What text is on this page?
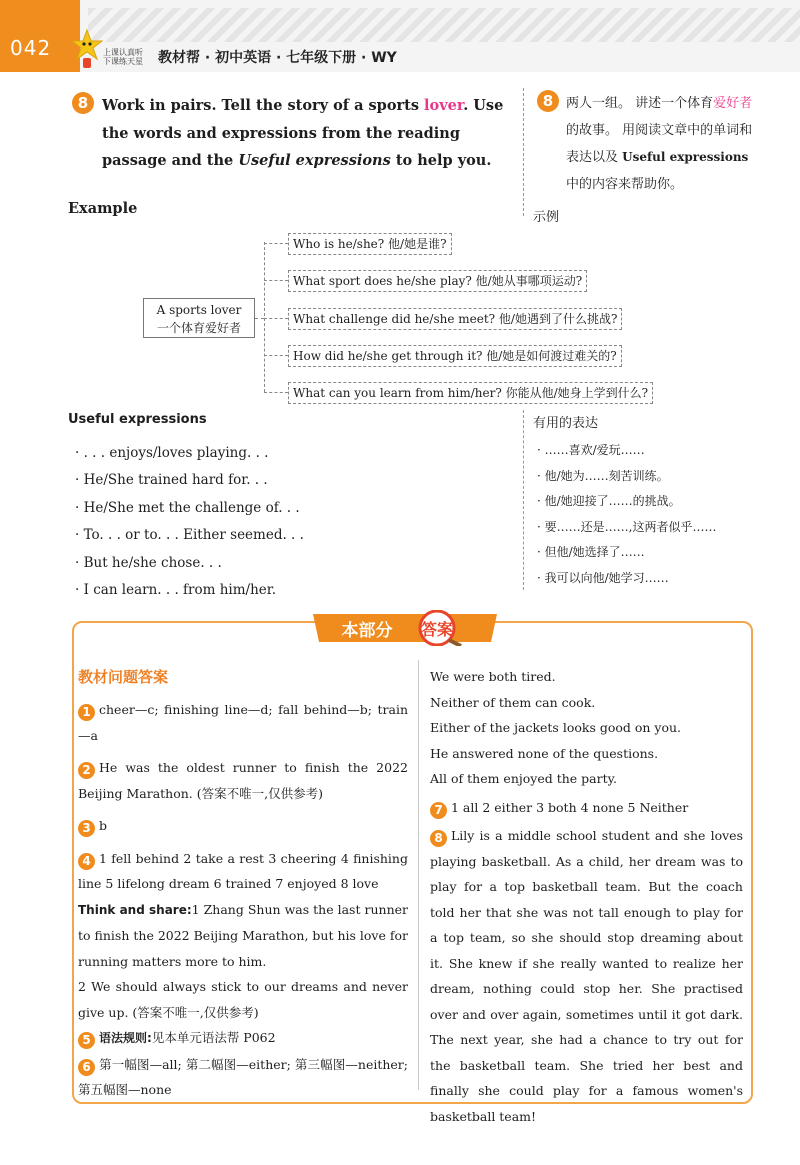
042	上课认真听
下课练天星 教材帮 · 初中英语 · 七年级下册 · WY
8 Work in pairs. Tell the story of a sports lover. Use the words and expressions from the reading passage and the Useful expressions to help you.
8 两人一组。 讲述一个体育爱好者的故事。 用阅读文章中的单词和表达以及 Useful expressions 中的内容来帮助你。
Example
示例
A sports lover
一个体育爱好者
Who is he/she? 他/她是谁?
What sport does he/she play? 他/她从事哪项运动?
What challenge did he/she meet? 他/她遇到了什么挑战?
How did he/she get through it? 他/她是如何渡过难关的?
What can you learn from him/her? 你能从他/她身上学到什么?
Useful expressions	有用的表达
· . . . enjoys/loves playing. . .
· He/She trained hard for. . .
· He/She met the challenge of. . .
· To. . . or to. . . Either seemed. . .
· But he/she chose. . .
· I can learn. . . from him/her.
· ……喜欢/爱玩……
· 他/她为……刻苦训练。
· 他/她迎接了……的挑战。
· 要……还是……,这两者似乎……
· 但他/她选择了……
· 我可以向他/她学习……
本部分 答案
教材问题答案

1 cheer—c; finishing line—d; fall behind—b; train—a

2 He was the oldest runner to finish the 2022 Beijing Marathon. (答案不唯一,仅供参考)

3 b

4 1 fell behind 2 take a rest 3 cheering 4 finishing line 5 lifelong dream 6 trained 7 enjoyed 8 love

Think and share:1 Zhang Shun was the last runner to finish the 2022 Beijing Marathon, but his love for running matters more to him.

2 We should always stick to our dreams and never give up. (答案不唯一,仅供参考)

5 语法规则:见本单元语法帮 P062

6 第一幅图—all; 第二幅图—either; 第三幅图—neither; 第五幅图—none

We were both tired.

Neither of them can cook.

Either of the jackets looks good on you.

He answered none of the questions.

All of them enjoyed the party.

7 1 all 2 either 3 both 4 none 5 Neither

8 Lily is a middle school student and she loves playing basketball. As a child, her dream was to play for a top basketball team. But the coach told her that she was not tall enough to play for a top team, so she should stop dreaming about it. She knew if she really wanted to realize her dream, nothing could stop her. She practised over and over again, sometimes until it got dark. The next year, she had a chance to try out for the basketball team. She tried her best and finally she could play for a famous women's basketball team!
